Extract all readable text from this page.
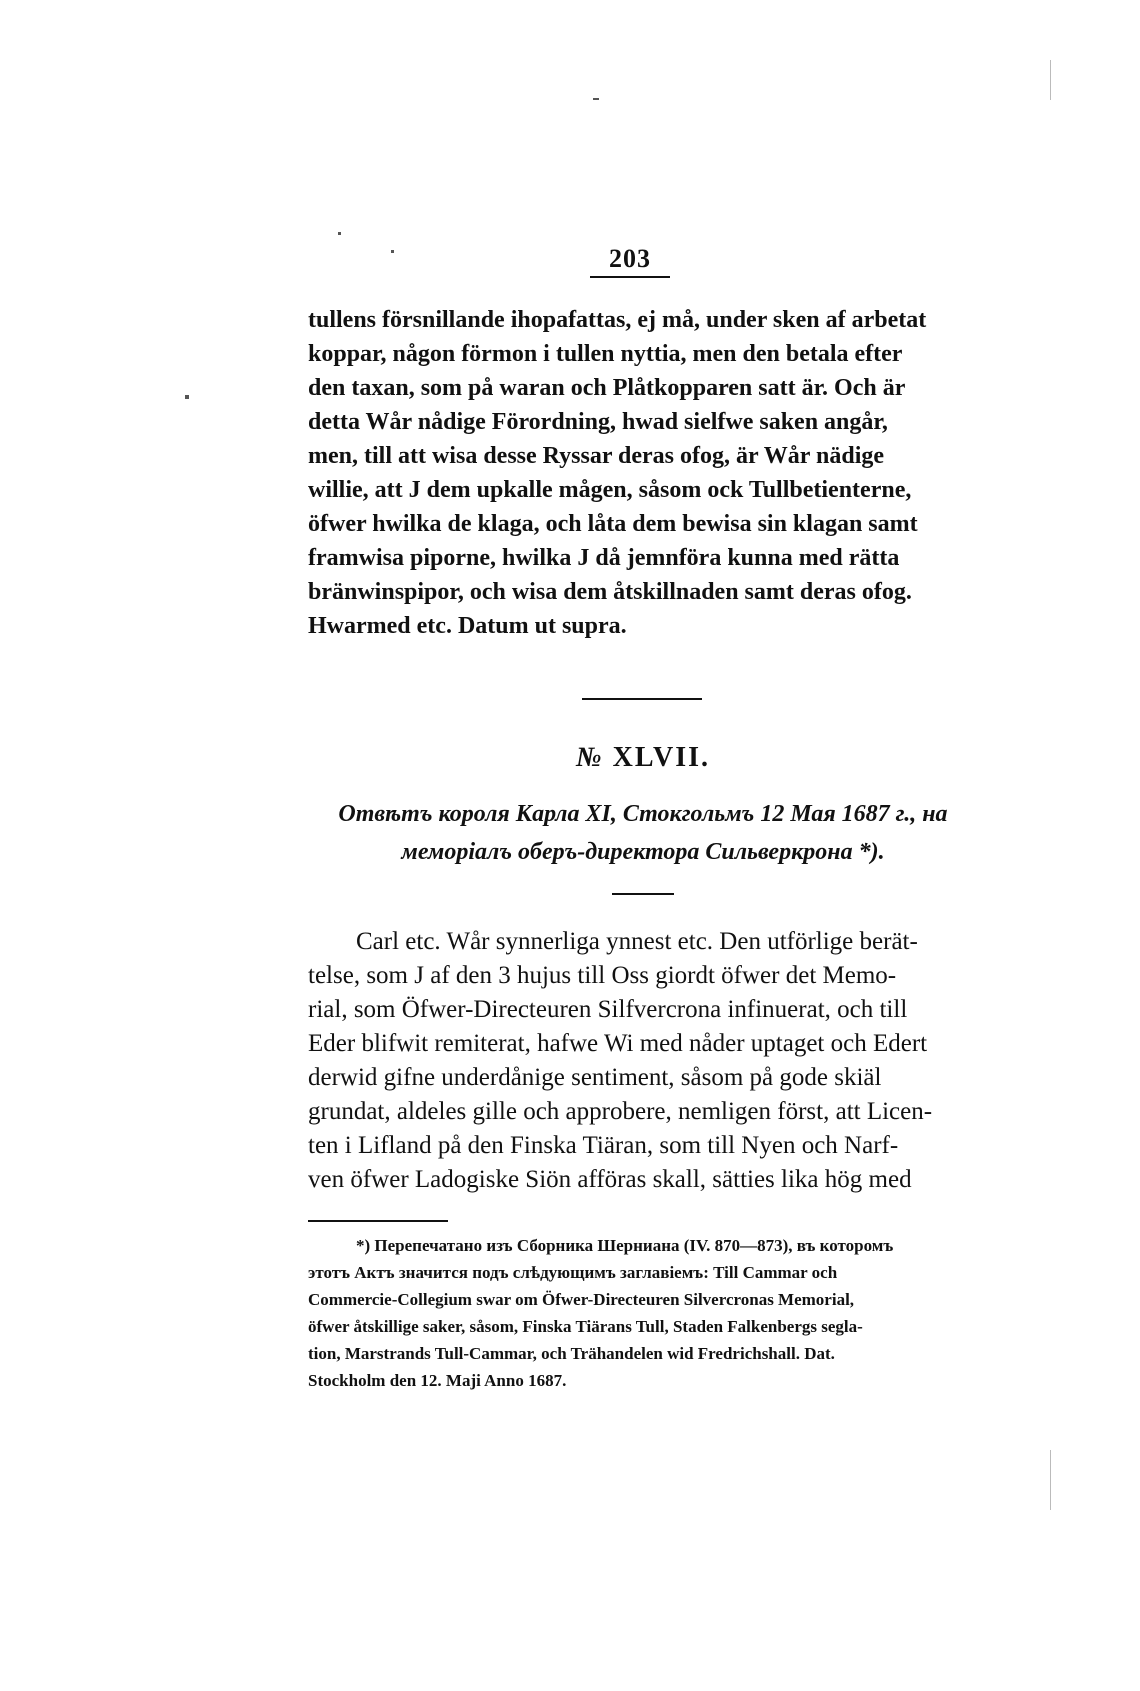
203

tullens försnillande ihopafattas, ej må, under sken af arbetat

koppar, någon förmon i tullen nyttia, men den betala efter

den taxan, som på waran och Plåtkopparen satt är. Och är

detta Wår nådige Förordning, hwad sielfwe saken angår,

men, till att wisa desse Ryssar deras ofog, är Wår nädige

willie, att J dem upkalle mågen, såsom ock Tullbetienterne,

öfwer hwilka de klaga, och låta dem bewisa sin klagan samt

framwisa piporne, hwilka J då jemnföra kunna med rätta

bränwinspipor, och wisa dem åtskillnaden samt deras ofog.

Hwarmed etc. Datum ut supra.

№ XLVII.
Отвѣтъ короля Карла XI, Стокгольмъ 12 Мая 1687 г., на
меморіалъ оберъ-директора Сильверкрона *).

Carl etc. Wår synnerliga ynnest etc. Den utförlige berät-

telse, som J af den 3 hujus till Oss giordt öfwer det Memo-

rial, som Öfwer-Directeuren Silfvercrona infinuerat, och till

Eder blifwit remiterat, hafwe Wi med nåder uptaget och Edert

derwid gifne underdånige sentiment, såsom på gode skiäl

grundat, aldeles gille och approbere, nemligen först, att Licen-

ten i Lifland på den Finska Tiäran, som till Nyen och Narf-

ven öfwer Ladogiske Siön afföras skall, sätties lika hög med

*) Перепечатано изъ Сборника Шерниана (IV. 870—873), въ которомъ
этотъ Актъ значится подъ слѣдующимъ заглавіемъ: Till Cammar och
Commercie-Collegium swar om Öfwer-Directeuren Silvercronas Memorial,
öfwer åtskillige saker, såsom, Finska Tiärans Tull, Staden Falkenbergs segla-
tion, Marstrands Tull-Cammar, och Trähandelen wid Fredrichshall. Dat.
Stockholm den 12. Maji Anno 1687.
